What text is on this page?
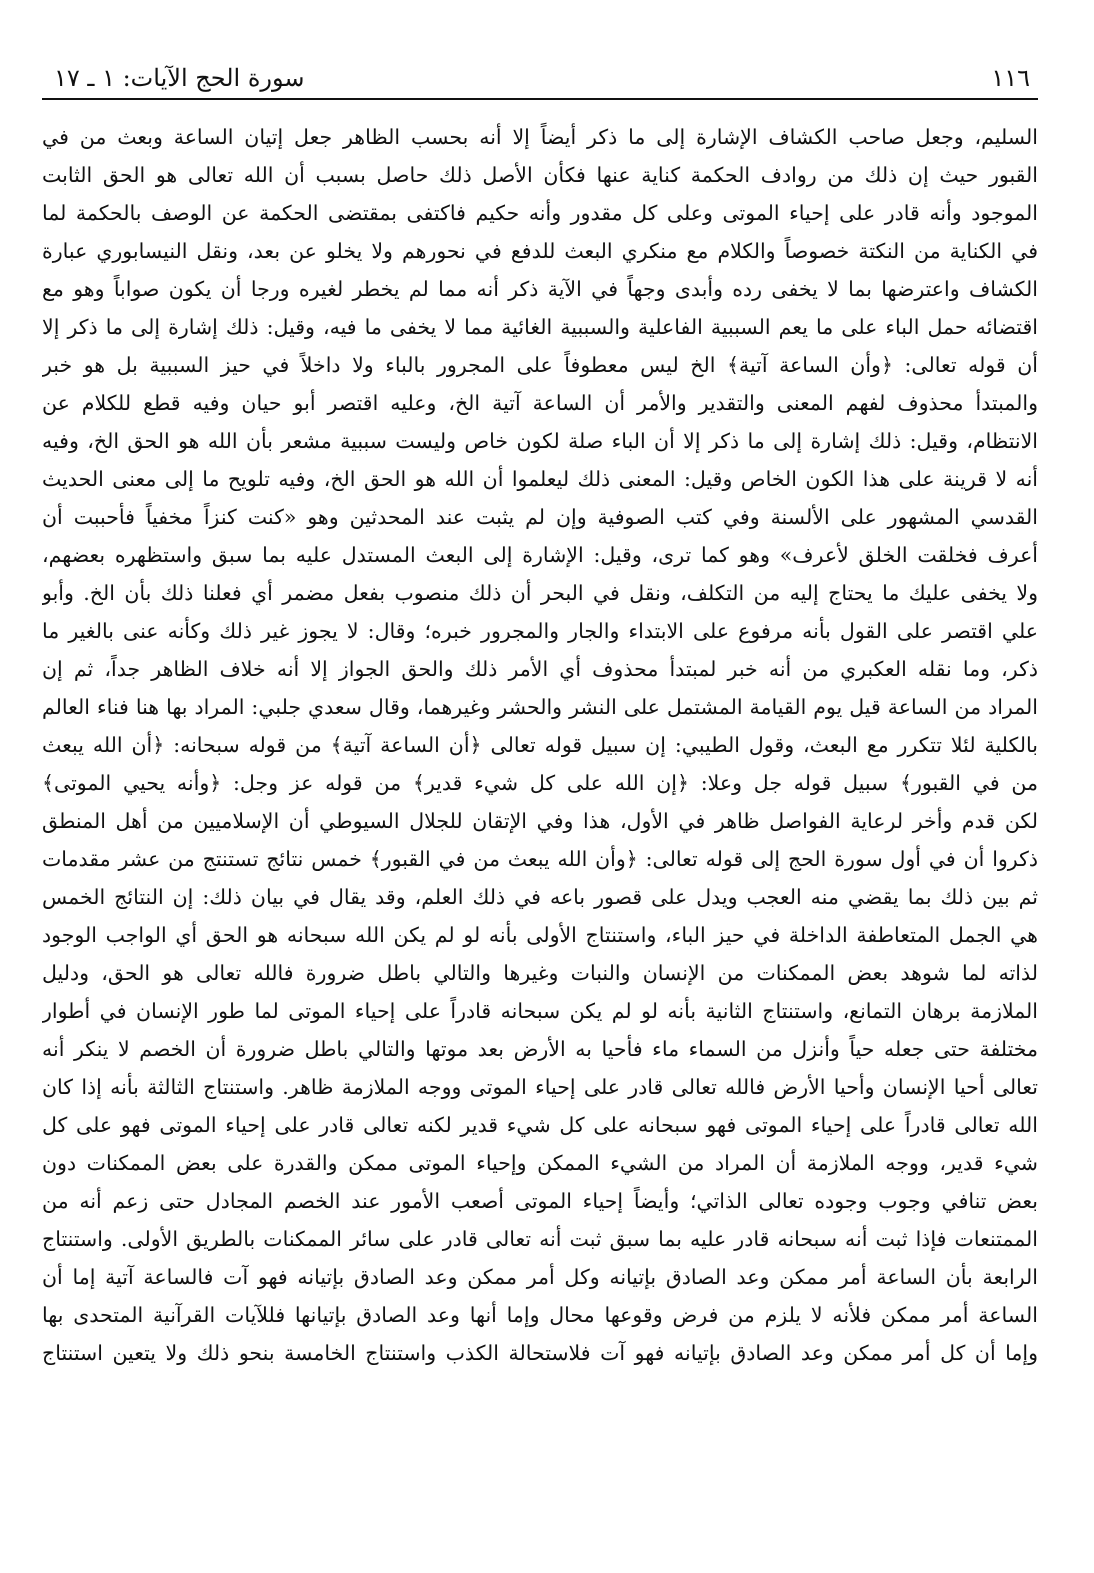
١١٦
سورة الحج الآيات: ١ ـ ١٧
السليم، وجعل صاحب الكشاف الإشارة إلى ما ذكر أيضاً إلا أنه بحسب الظاهر جعل إتيان الساعة وبعث من في
القبور حيث إن ذلك من روادف الحكمة كناية عنها فكأن الأصل ذلك حاصل بسبب أن الله تعالى هو الحق الثابت
الموجود وأنه قادر على إحياء الموتى وعلى كل مقدور وأنه حكيم فاكتفى بمقتضى الحكمة عن الوصف بالحكمة لما
في الكناية من النكتة خصوصاً والكلام مع منكري البعث للدفع في نحورهم ولا يخلو عن بعد، ونقل النيسابوري عبارة
الكشاف واعترضها بما لا يخفى رده وأبدى وجهاً في الآية ذكر أنه مما لم يخطر لغيره ورجا أن يكون صواباً وهو مع
اقتضائه حمل الباء على ما يعم السببية الفاعلية والسببية الغائية مما لا يخفى ما فيه، وقيل: ذلك إشارة إلى ما ذكر إلا
أن قوله تعالى: ﴿وأن الساعة آتية﴾ الخ ليس معطوفاً على المجرور بالباء ولا داخلاً في حيز السببية بل هو خبر
والمبتدأ محذوف لفهم المعنى والتقدير والأمر أن الساعة آتية الخ، وعليه اقتصر أبو حيان وفيه قطع للكلام عن
الانتظام، وقيل: ذلك إشارة إلى ما ذكر إلا أن الباء صلة لكون خاص وليست سببية مشعر بأن الله هو الحق الخ، وفيه
أنه لا قرينة على هذا الكون الخاص وقيل: المعنى ذلك ليعلموا أن الله هو الحق الخ، وفيه تلويح ما إلى معنى الحديث
القدسي المشهور على الألسنة وفي كتب الصوفية وإن لم يثبت عند المحدثين وهو «كنت كنزاً مخفياً فأحببت أن
أعرف فخلقت الخلق لأعرف» وهو كما ترى، وقيل: الإشارة إلى البعث المستدل عليه بما سبق واستظهره بعضهم،
ولا يخفى عليك ما يحتاج إليه من التكلف، ونقل في البحر أن ذلك منصوب بفعل مضمر أي فعلنا ذلك بأن الخ. وأبو
علي اقتصر على القول بأنه مرفوع على الابتداء والجار والمجرور خبره؛ وقال: لا يجوز غير ذلك وكأنه عنى بالغير ما
ذكر، وما نقله العكبري من أنه خبر لمبتدأ محذوف أي الأمر ذلك والحق الجواز إلا أنه خلاف الظاهر جداً، ثم إن
المراد من الساعة قيل يوم القيامة المشتمل على النشر والحشر وغيرهما، وقال سعدي جلبي: المراد بها هنا فناء العالم
بالكلية لئلا تتكرر مع البعث، وقول الطيبي: إن سبيل قوله تعالى ﴿أن الساعة آتية﴾ من قوله سبحانه: ﴿أن الله يبعث
من في القبور﴾ سبيل قوله جل وعلا: ﴿إن الله على كل شيء قدير﴾ من قوله عز وجل: ﴿وأنه يحيي الموتى﴾
لكن قدم وأخر لرعاية الفواصل ظاهر في الأول، هذا وفي الإتقان للجلال السيوطي أن الإسلاميين من أهل المنطق
ذكروا أن في أول سورة الحج إلى قوله تعالى: ﴿وأن الله يبعث من في القبور﴾ خمس نتائج تستنتج من عشر مقدمات
ثم بين ذلك بما يقضي منه العجب ويدل على قصور باعه في ذلك العلم، وقد يقال في بيان ذلك: إن النتائج الخمس
هي الجمل المتعاطفة الداخلة في حيز الباء، واستنتاج الأولى بأنه لو لم يكن الله سبحانه هو الحق أي الواجب الوجود
لذاته لما شوهد بعض الممكنات من الإنسان والنبات وغيرها والتالي باطل ضرورة فالله تعالى هو الحق، ودليل
الملازمة برهان التمانع، واستنتاج الثانية بأنه لو لم يكن سبحانه قادراً على إحياء الموتى لما طور الإنسان في أطوار
مختلفة حتى جعله حياً وأنزل من السماء ماء فأحيا به الأرض بعد موتها والتالي باطل ضرورة أن الخصم لا ينكر أنه
تعالى أحيا الإنسان وأحيا الأرض فالله تعالى قادر على إحياء الموتى ووجه الملازمة ظاهر. واستنتاج الثالثة بأنه إذا كان
الله تعالى قادراً على إحياء الموتى فهو سبحانه على كل شيء قدير لكنه تعالى قادر على إحياء الموتى فهو على كل
شيء قدير، ووجه الملازمة أن المراد من الشيء الممكن وإحياء الموتى ممكن والقدرة على بعض الممكنات دون
بعض تنافي وجوب وجوده تعالى الذاتي؛ وأيضاً إحياء الموتى أصعب الأمور عند الخصم المجادل حتى زعم أنه من
الممتنعات فإذا ثبت أنه سبحانه قادر عليه بما سبق ثبت أنه تعالى قادر على سائر الممكنات بالطريق الأولى. واستنتاج
الرابعة بأن الساعة أمر ممكن وعد الصادق بإتيانه وكل أمر ممكن وعد الصادق بإتيانه فهو آت فالساعة آتية إما أن
الساعة أمر ممكن فلأنه لا يلزم من فرض وقوعها محال وإما أنها وعد الصادق بإتيانها فللآيات القرآنية المتحدى بها
وإما أن كل أمر ممكن وعد الصادق بإتيانه فهو آت فلاستحالة الكذب واستنتاج الخامسة بنحو ذلك ولا يتعين استنتاج
